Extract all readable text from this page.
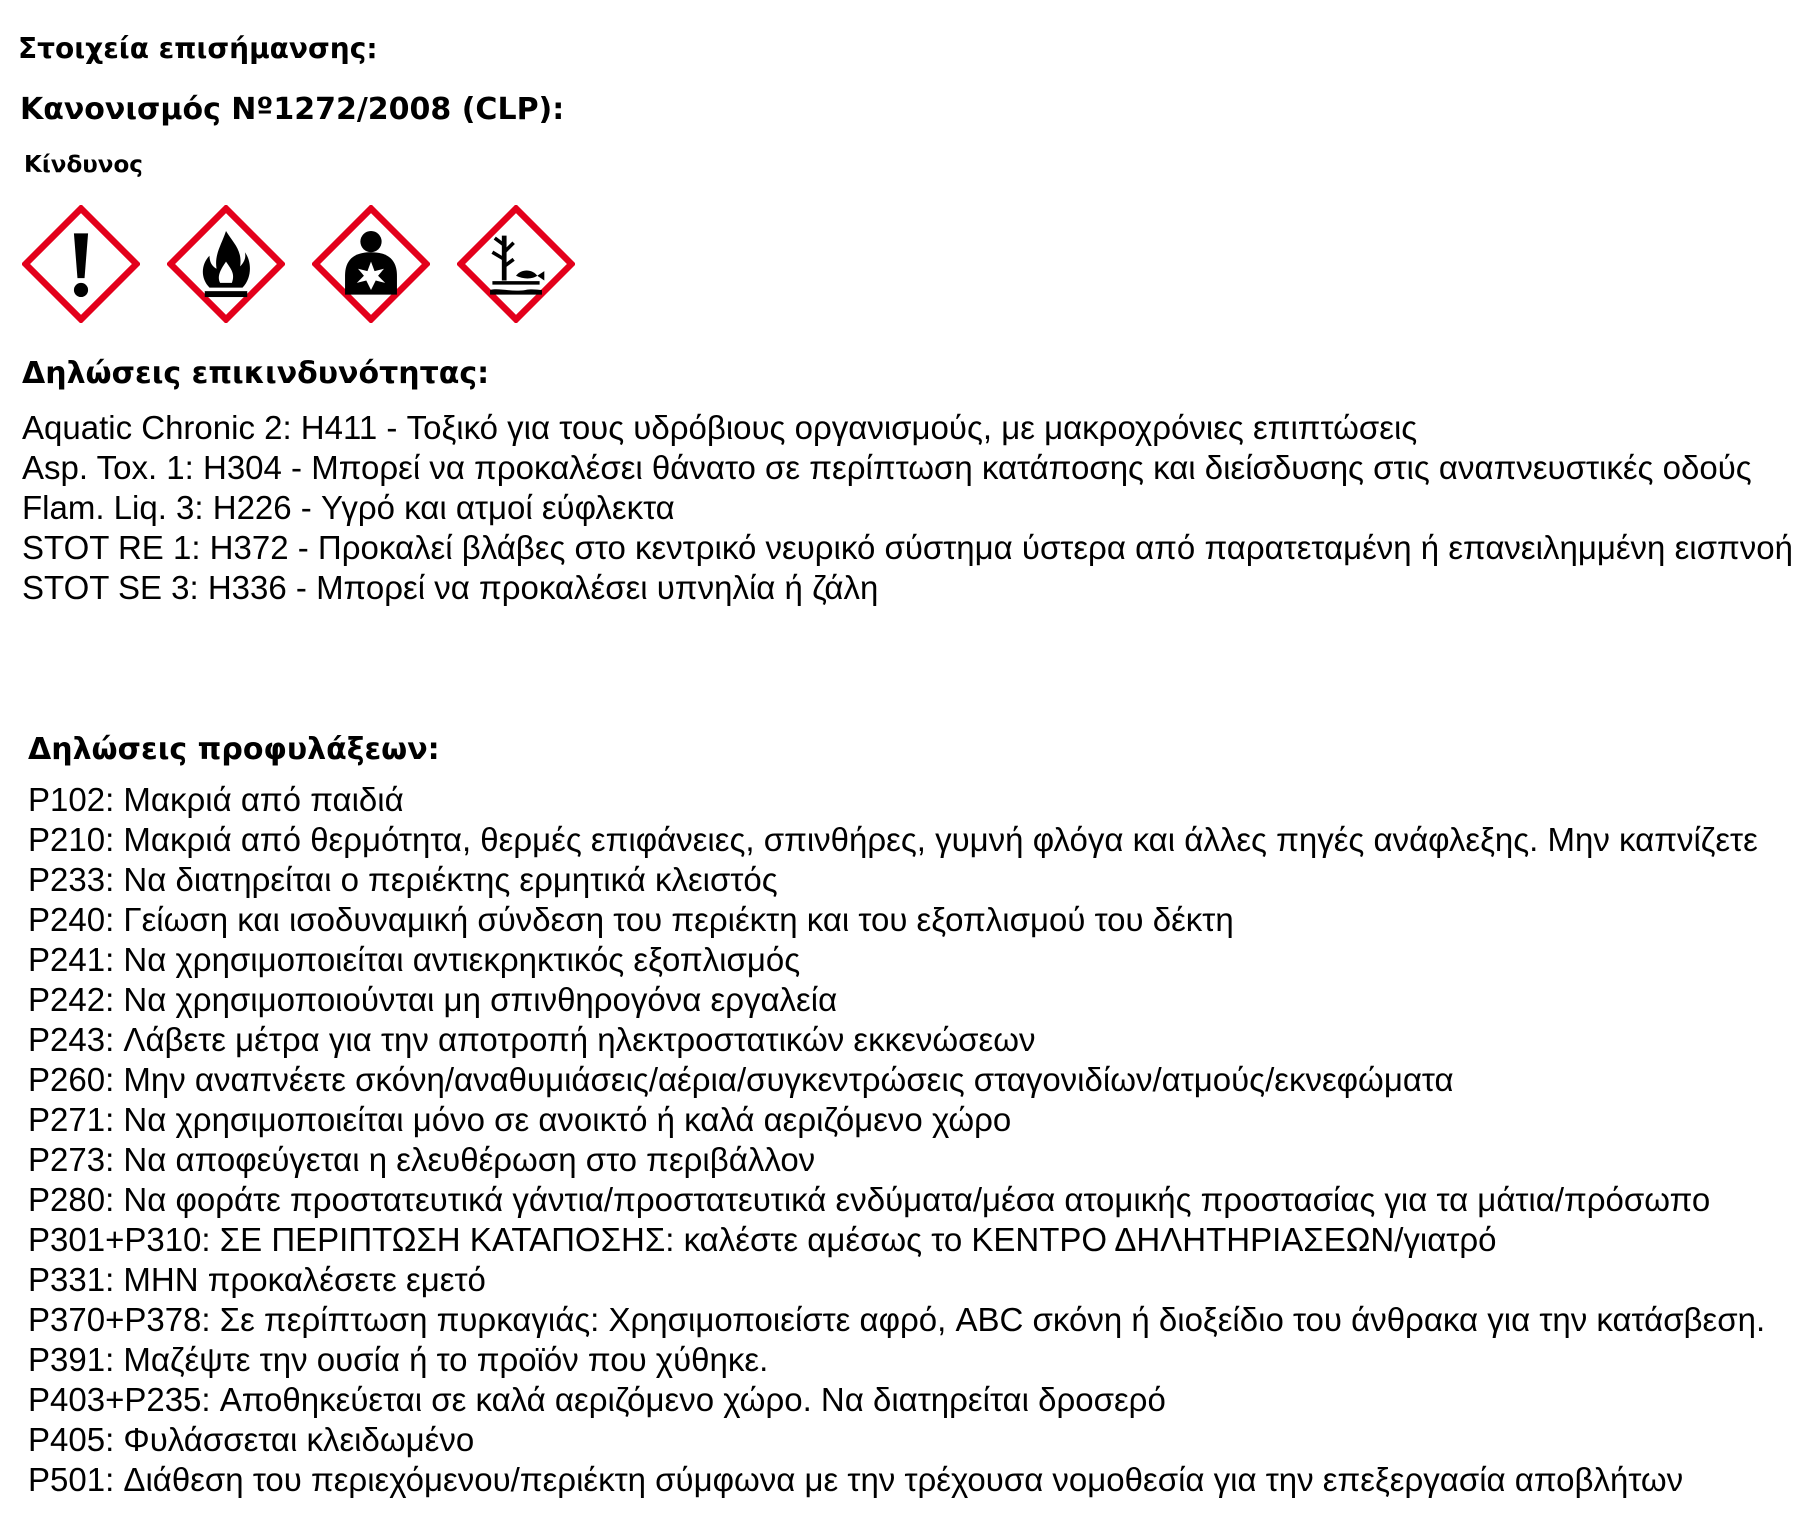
Στοιχεία επισήμανσης:
Κανονισμός Νº1272/2008 (CLP):
Κίνδυνος
Δηλώσεις επικινδυνότητας:
Aquatic Chronic 2: H411 - Τοξικό για τους υδρόβιους οργανισμούς, με μακροχρόνιες επιπτώσεις
Asp. Tox. 1: H304 - Μπορεί να προκαλέσει θάνατο σε περίπτωση κατάποσης και διείσδυσης στις αναπνευστικές οδούς
Flam. Liq. 3: H226 - Υγρό και ατμοί εύφλεκτα
STOT RE 1: H372 - Προκαλεί βλάβες στο κεντρικό νευρικό σύστημα ύστερα από παρατεταμένη ή επανειλημμένη εισπνοή
STOT SE 3: H336 - Μπορεί να προκαλέσει υπνηλία ή ζάλη
Δηλώσεις προφυλάξεων:
P102: Μακριά από παιδιά
P210: Μακριά από θερμότητα, θερμές επιφάνειες, σπινθήρες, γυμνή φλόγα και άλλες πηγές ανάφλεξης. Μην καπνίζετε
P233: Να διατηρείται ο περιέκτης ερμητικά κλειστός
P240: Γείωση και ισοδυναμική σύνδεση του περιέκτη και του εξοπλισμού του δέκτη
P241: Να χρησιμοποιείται αντιεκρηκτικός εξοπλισμός
P242: Να χρησιμοποιούνται μη σπινθηρογόνα εργαλεία
P243: Λάβετε μέτρα για την αποτροπή ηλεκτροστατικών εκκενώσεων
P260: Μην αναπνέετε σκόνη/αναθυμιάσεις/αέρια/συγκεντρώσεις σταγονιδίων/ατμούς/εκνεφώματα
P271: Να χρησιμοποιείται μόνο σε ανοικτό ή καλά αεριζόμενο χώρο
P273: Να αποφεύγεται η ελευθέρωση στο περιβάλλον
P280: Να φοράτε προστατευτικά γάντια/προστατευτικά ενδύματα/μέσα ατομικής προστασίας για τα μάτια/πρόσωπο
P301+P310: ΣΕ ΠΕΡΙΠΤΩΣΗ ΚΑΤΑΠΟΣΗΣ: καλέστε αμέσως το ΚΕΝΤΡΟ ΔΗΛΗΤΗΡΙΑΣΕΩΝ/γιατρό
P331: ΜΗΝ προκαλέσετε εμετό
P370+P378: Σε περίπτωση πυρκαγιάς: Χρησιμοποιείστε αφρό, ABC σκόνη ή διοξείδιο του άνθρακα για την κατάσβεση.
P391: Μαζέψτε την ουσία ή το προϊόν που χύθηκε.
P403+P235: Αποθηκεύεται σε καλά αεριζόμενο χώρο. Να διατηρείται δροσερό
P405: Φυλάσσεται κλειδωμένο
P501: Διάθεση του περιεχόμενου/περιέκτη σύμφωνα με την τρέχουσα νομοθεσία για την επεξεργασία αποβλήτων
